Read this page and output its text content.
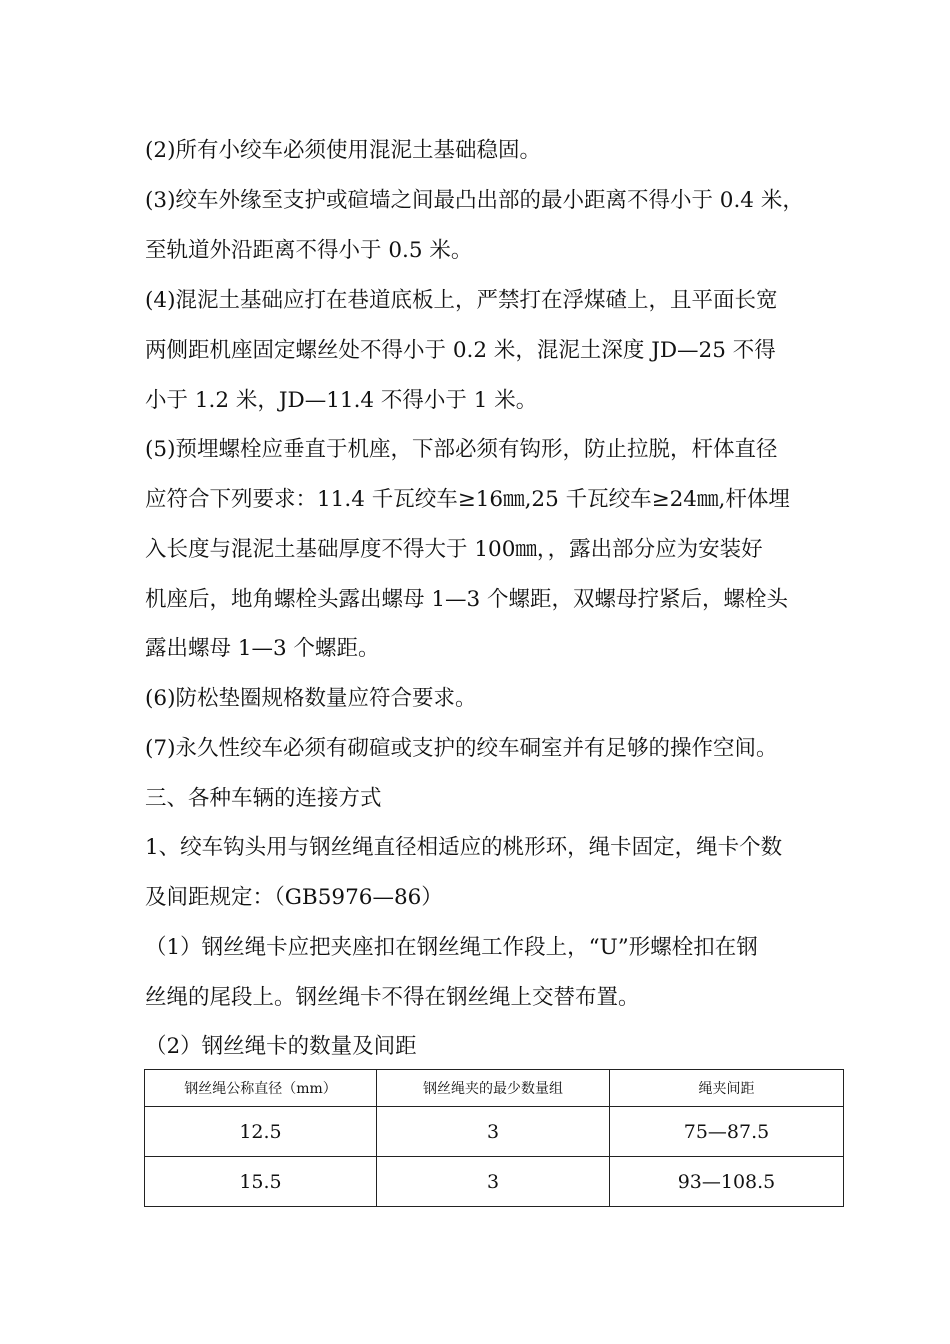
(2)所有小绞车必须使用混泥土基础稳固。

(3)绞车外缘至支护或碹墙之间最凸出部的最小距离不得小于 0.4 米，

至轨道外沿距离不得小于 0.5 米。

(4)混泥土基础应打在巷道底板上，严禁打在浮煤碴上，且平面长宽

两侧距机座固定螺丝处不得小于 0.2 米，混泥土深度 JD—25 不得

小于 1.2 米，JD—11.4 不得小于 1 米。

(5)预埋螺栓应垂直于机座，下部必须有钩形，防止拉脱，杆体直径

应符合下列要求：11.4 千瓦绞车≥16㎜,25 千瓦绞车≥24㎜,杆体埋

入长度与混泥土基础厚度不得大于 100㎜，，露出部分应为安装好

机座后，地角螺栓头露出螺母 1—3 个螺距，双螺母拧紧后，螺栓头

露出螺母 1—3 个螺距。

(6)防松垫圈规格数量应符合要求。

(7)永久性绞车必须有砌碹或支护的绞车硐室并有足够的操作空间。

三、各种车辆的连接方式

1、绞车钩头用与钢丝绳直径相适应的桃形环，绳卡固定，绳卡个数

及间距规定：（GB5976—86）

（1）钢丝绳卡应把夹座扣在钢丝绳工作段上，“U”形螺栓扣在钢

丝绳的尾段上。钢丝绳卡不得在钢丝绳上交替布置。

（2）钢丝绳卡的数量及间距

钢丝绳公称直径（mm）	钢丝绳夹的最少数量组	绳夹间距
12.5	3	75—87.5
15.5	3	93—108.5
